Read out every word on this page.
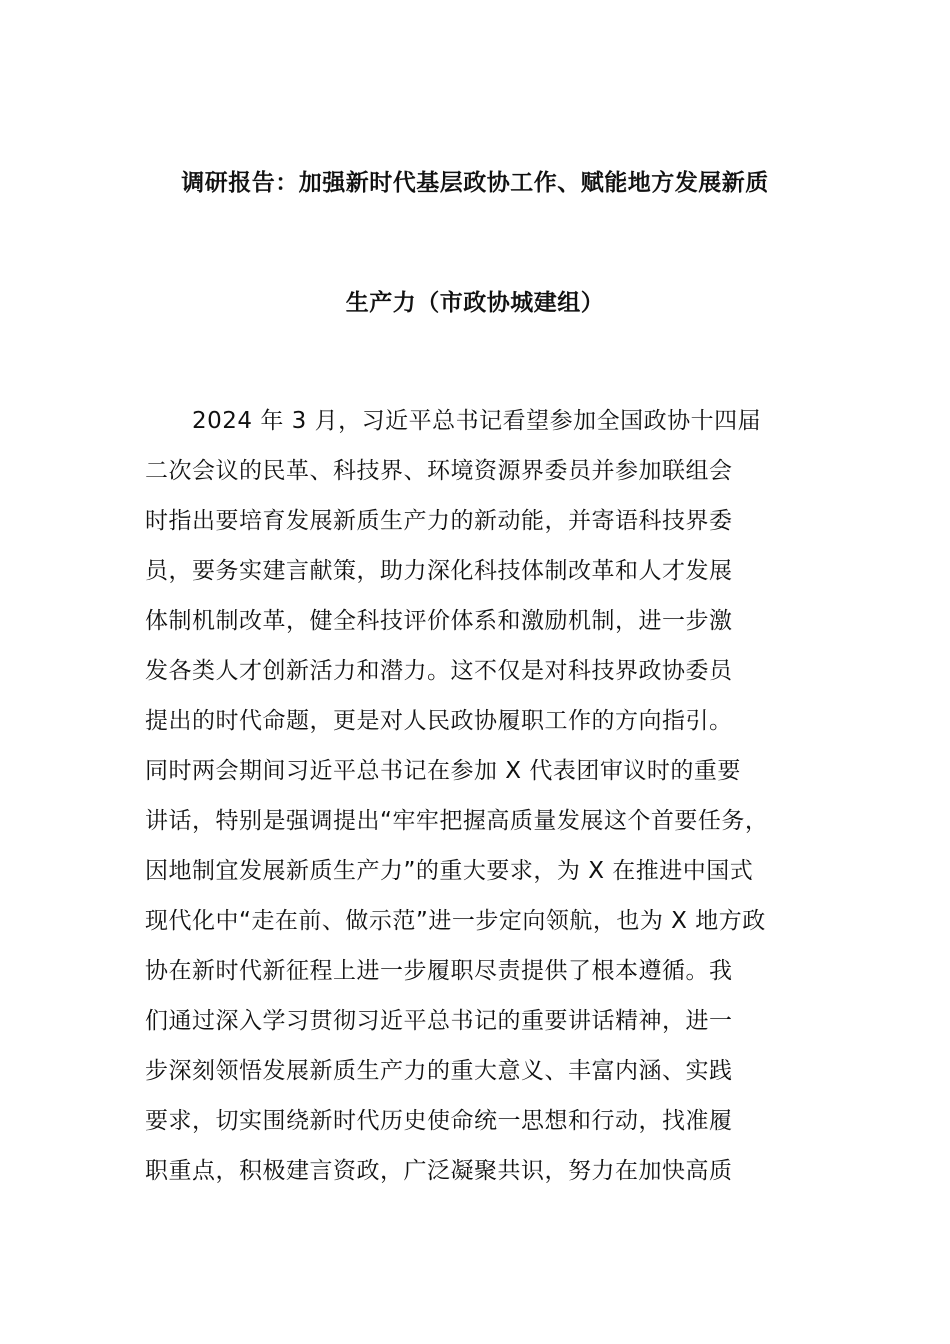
调研报告：加强新时代基层政协工作、赋能地方发展新质
生产力（市政协城建组）
　　2024 年 3 月，习近平总书记看望参加全国政协十四届
二次会议的民革、科技界、环境资源界委员并参加联组会
时指出要培育发展新质生产力的新动能，并寄语科技界委
员，要务实建言献策，助力深化科技体制改革和人才发展
体制机制改革，健全科技评价体系和激励机制，进一步激
发各类人才创新活力和潜力。这不仅是对科技界政协委员
提出的时代命题，更是对人民政协履职工作的方向指引。
同时两会期间习近平总书记在参加 X 代表团审议时的重要
讲话，特别是强调提出“牢牢把握高质量发展这个首要任务，
因地制宜发展新质生产力”的重大要求，为 X 在推进中国式
现代化中“走在前、做示范”进一步定向领航，也为 X 地方政
协在新时代新征程上进一步履职尽责提供了根本遵循。我
们通过深入学习贯彻习近平总书记的重要讲话精神，进一
步深刻领悟发展新质生产力的重大意义、丰富内涵、实践
要求，切实围绕新时代历史使命统一思想和行动，找准履
职重点，积极建言资政，广泛凝聚共识，努力在加快高质
